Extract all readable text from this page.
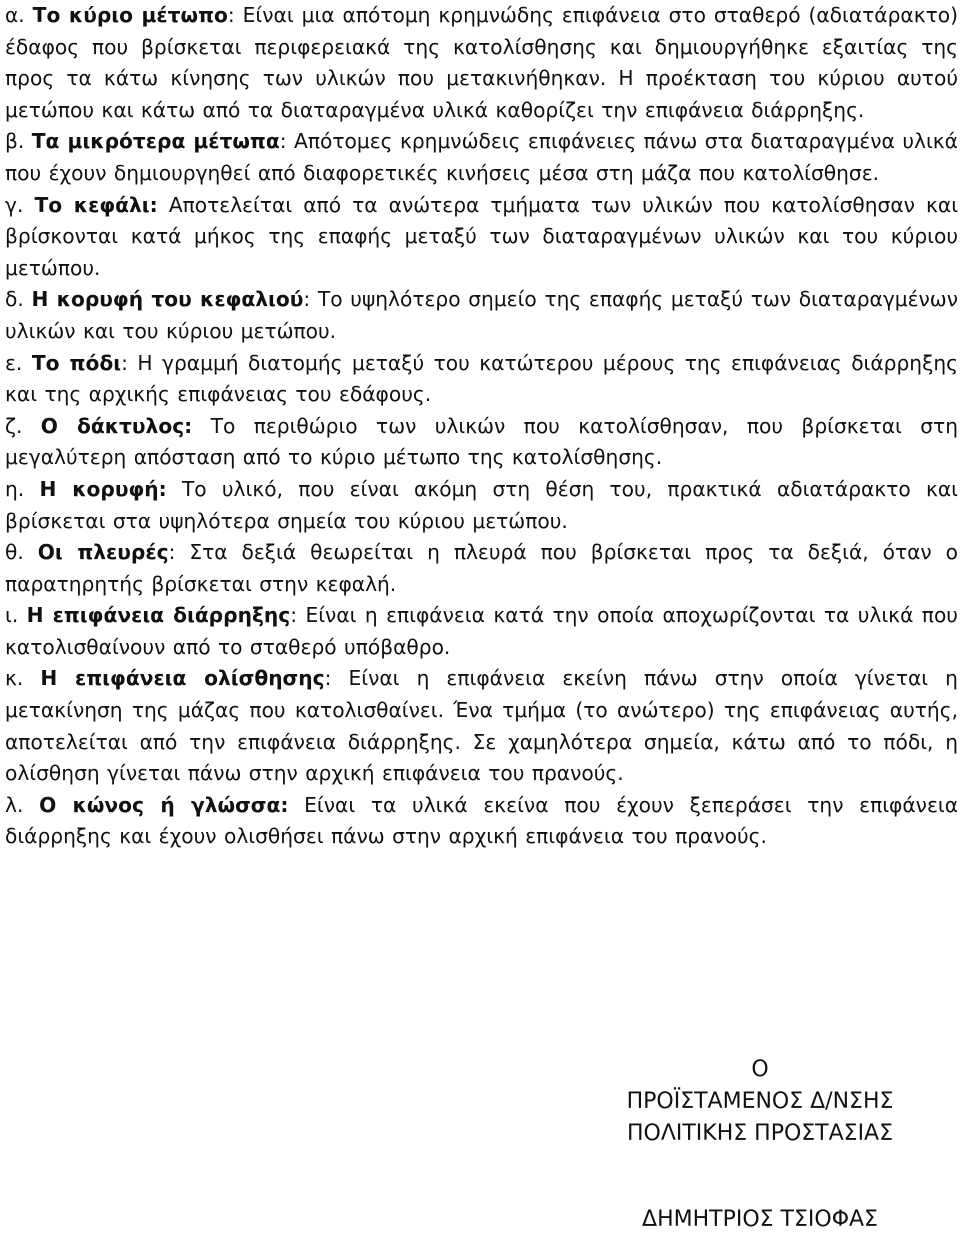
α. Το κύριο μέτωπο: Είναι μια απότομη κρημνώδης επιφάνεια στο σταθερό (αδιατάρακτο) έδαφος που βρίσκεται περιφερειακά της κατολίσθησης και δημιουργήθηκε εξαιτίας της προς τα κάτω κίνησης των υλικών που μετακινήθηκαν. Η προέκταση του κύριου αυτού μετώπου και κάτω από τα διαταραγμένα υλικά καθορίζει την επιφάνεια διάρρηξης.

β. Τα μικρότερα μέτωπα: Απότομες κρημνώδεις επιφάνειες πάνω στα διαταραγμένα υλικά που έχουν δημιουργηθεί από διαφορετικές κινήσεις μέσα στη μάζα που κατολίσθησε.

γ. Το κεφάλι: Αποτελείται από τα ανώτερα τμήματα των υλικών που κατολίσθησαν και βρίσκονται κατά μήκος της επαφής μεταξύ των διαταραγμένων υλικών και του κύριου μετώπου.

δ. Η κορυφή του κεφαλιού: Το υψηλότερο σημείο της επαφής μεταξύ των διαταραγμένων υλικών και του κύριου μετώπου.

ε. Το πόδι: Η γραμμή διατομής μεταξύ του κατώτερου μέρους της επιφάνειας διάρρηξης και της αρχικής επιφάνειας του εδάφους.

ζ. Ο δάκτυλος: Το περιθώριο των υλικών που κατολίσθησαν, που βρίσκεται στη μεγαλύτερη απόσταση από το κύριο μέτωπο της κατολίσθησης.

η. Η κορυφή: Το υλικό, που είναι ακόμη στη θέση του, πρακτικά αδιατάρακτο και βρίσκεται στα υψηλότερα σημεία του κύριου μετώπου.

θ. Οι πλευρές: Στα δεξιά θεωρείται η πλευρά που βρίσκεται προς τα δεξιά, όταν ο παρατηρητής βρίσκεται στην κεφαλή.

ι. Η επιφάνεια διάρρηξης: Είναι η επιφάνεια κατά την οποία αποχωρίζονται τα υλικά που κατολισθαίνουν από το σταθερό υπόβαθρο.

κ. Η επιφάνεια ολίσθησης: Είναι η επιφάνεια εκείνη πάνω στην οποία γίνεται η μετακίνηση της μάζας που κατολισθαίνει. Ένα τμήμα (το ανώτερο) της επιφάνειας αυτής, αποτελείται από την επιφάνεια διάρρηξης. Σε χαμηλότερα σημεία, κάτω από το πόδι, η ολίσθηση γίνεται πάνω στην αρχική επιφάνεια του πρανούς.

λ. Ο κώνος ή γλώσσα: Είναι τα υλικά εκείνα που έχουν ξεπεράσει την επιφάνεια διάρρηξης και έχουν ολισθήσει πάνω στην αρχική επιφάνεια του πρανούς.

Ο
ΠΡΟΪΣΤΑΜΕΝΟΣ Δ/ΝΣΗΣ
ΠΟΛΙΤΙΚΗΣ ΠΡΟΣΤΑΣΙΑΣ
ΔΗΜΗΤΡΙΟΣ ΤΣΙΟΦΑΣ
